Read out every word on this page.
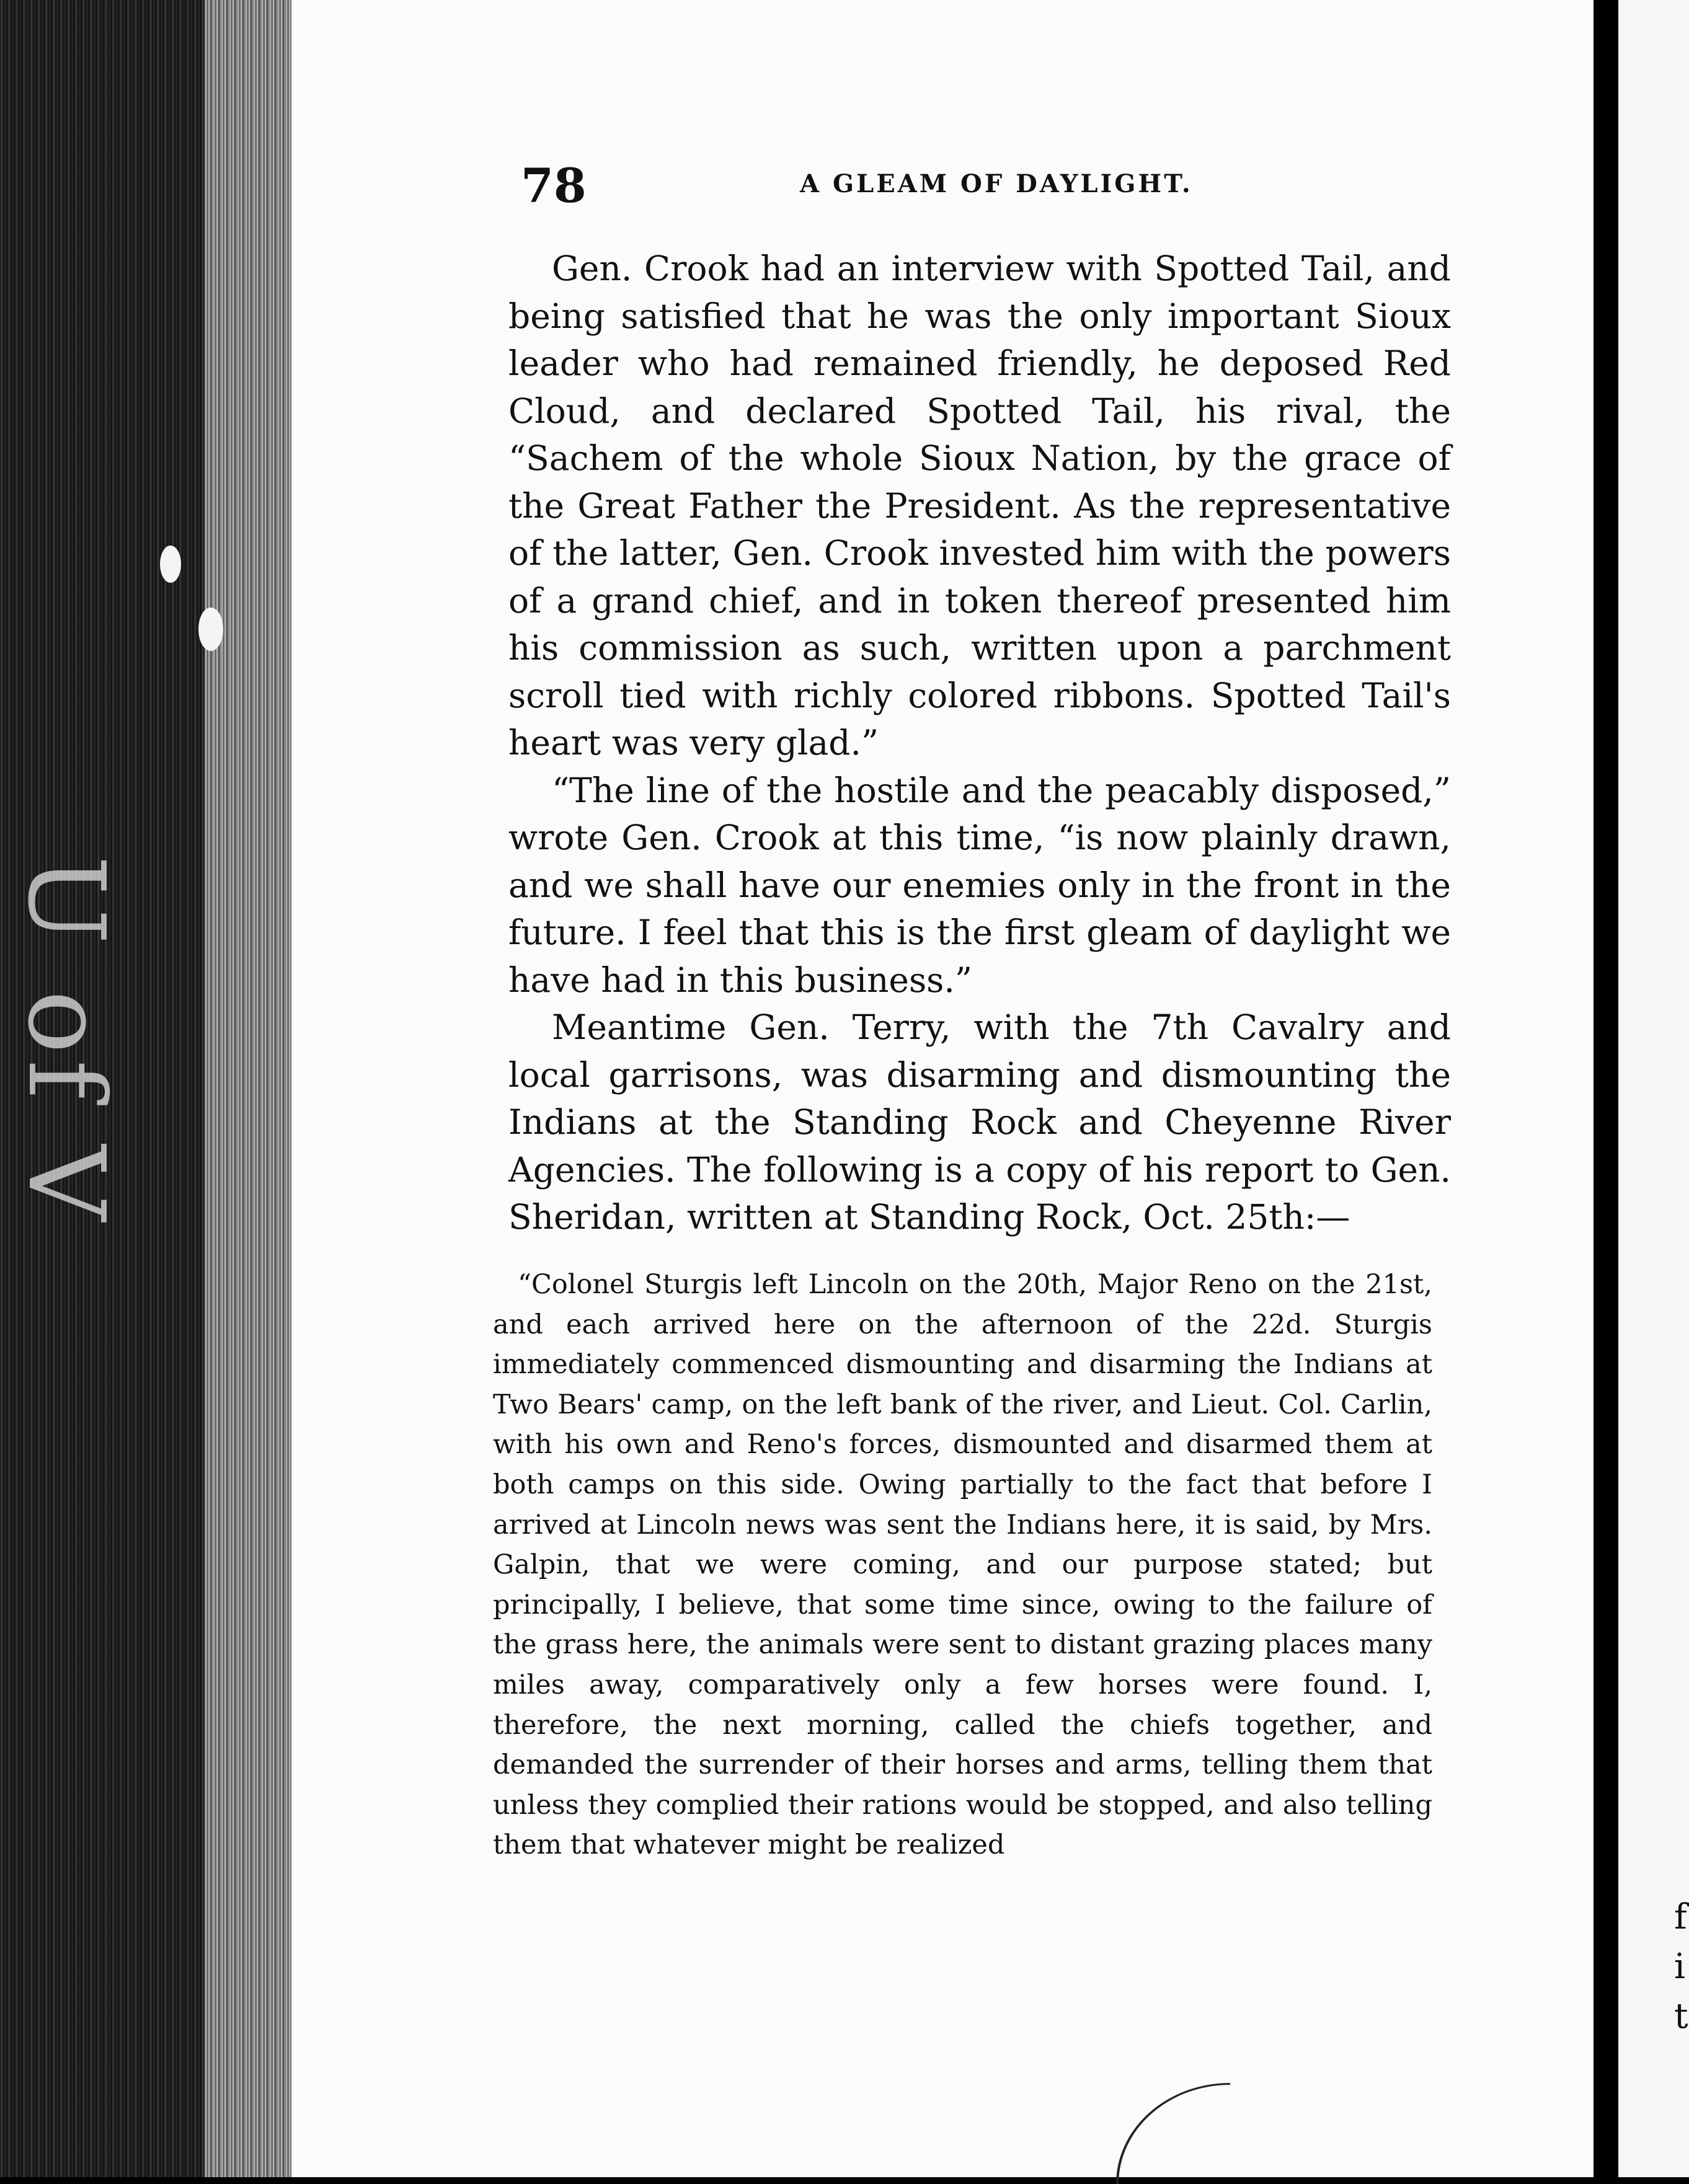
U of V
78	A GLEAM OF DAYLIGHT.

Gen. Crook had an interview with Spotted Tail, and being satisfied that he was the only important Sioux leader who had remained friendly, he deposed Red Cloud, and declared Spotted Tail, his rival, the “Sachem of the whole Sioux Nation, by the grace of the Great Father the President. As the representative of the latter, Gen. Crook invested him with the powers of a grand chief, and in token thereof presented him his commission as such, written upon a parchment scroll tied with richly colored ribbons. Spotted Tail's heart was very glad.”

“The line of the hostile and the peacably disposed,” wrote Gen. Crook at this time, “is now plainly drawn, and we shall have our enemies only in the front in the future. I feel that this is the first gleam of daylight we have had in this business.”

Meantime Gen. Terry, with the 7th Cavalry and local garrisons, was disarming and dismounting the Indians at the Standing Rock and Cheyenne River Agencies. The following is a copy of his report to Gen. Sheridan, written at Standing Rock, Oct. 25th:—

“Colonel Sturgis left Lincoln on the 20th, Major Reno on the 21st, and each arrived here on the afternoon of the 22d. Sturgis immediately commenced dismounting and disarming the Indians at Two Bears' camp, on the left bank of the river, and Lieut. Col. Carlin, with his own and Reno's forces, dismounted and disarmed them at both camps on this side. Owing partially to the fact that before I arrived at Lincoln news was sent the Indians here, it is said, by Mrs. Galpin, that we were coming, and our purpose stated; but principally, I believe, that some time since, owing to the failure of the grass here, the animals were sent to distant grazing places many miles away, comparatively only a few horses were found. I, therefore, the next morning, called the chiefs together, and demanded the surrender of their horses and arms, telling them that unless they complied their rations would be stopped, and also telling them that whatever might be realized

f
i
t
